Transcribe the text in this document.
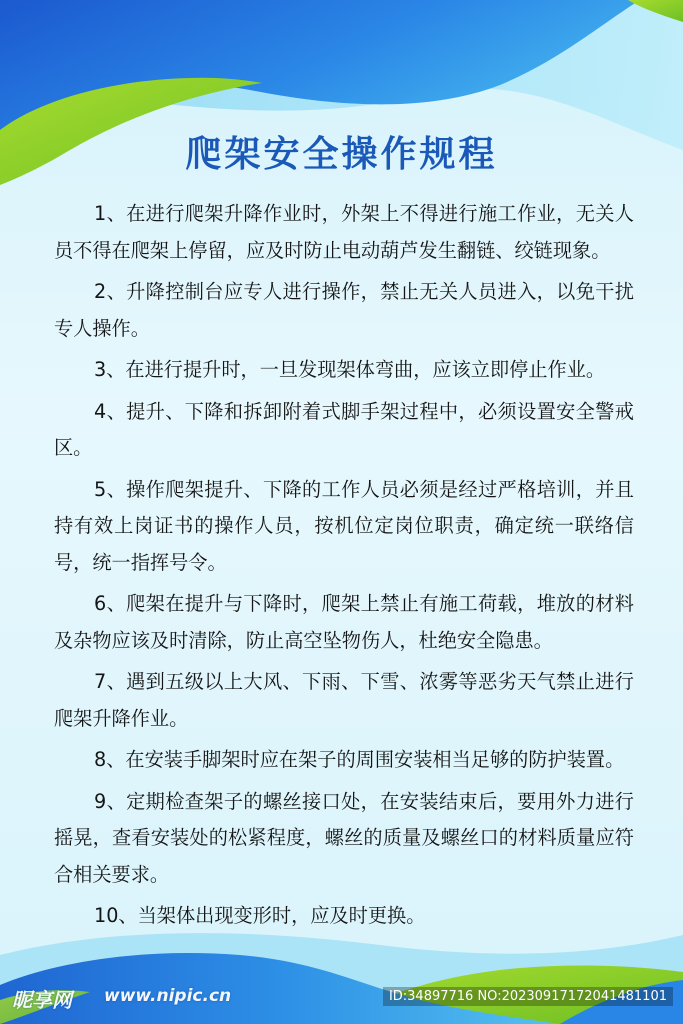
爬架安全操作规程

1、在进行爬架升降作业时，外架上不得进行施工作业，无关人员不得在爬架上停留，应及时防止电动葫芦发生翻链、绞链现象。

2、升降控制台应专人进行操作，禁止无关人员进入，以免干扰专人操作。

3、在进行提升时，一旦发现架体弯曲，应该立即停止作业。

4、提升、下降和拆卸附着式脚手架过程中，必须设置安全警戒区。

5、操作爬架提升、下降的工作人员必须是经过严格培训，并且持有效上岗证书的操作人员，按机位定岗位职责，确定统一联络信号，统一指挥号令。

6、爬架在提升与下降时，爬架上禁止有施工荷载，堆放的材料及杂物应该及时清除，防止高空坠物伤人，杜绝安全隐患。

7、遇到五级以上大风、下雨、下雪、浓雾等恶劣天气禁止进行爬架升降作业。

8、在安装手脚架时应在架子的周围安装相当足够的防护装置。

9、定期检查架子的螺丝接口处，在安装结束后，要用外力进行摇晃，查看安装处的松紧程度，螺丝的质量及螺丝口的材料质量应符合相关要求。

10、当架体出现变形时，应及时更换。

昵享网 www.nipic.cn	ID:34897716 NO:20230917172041481101
